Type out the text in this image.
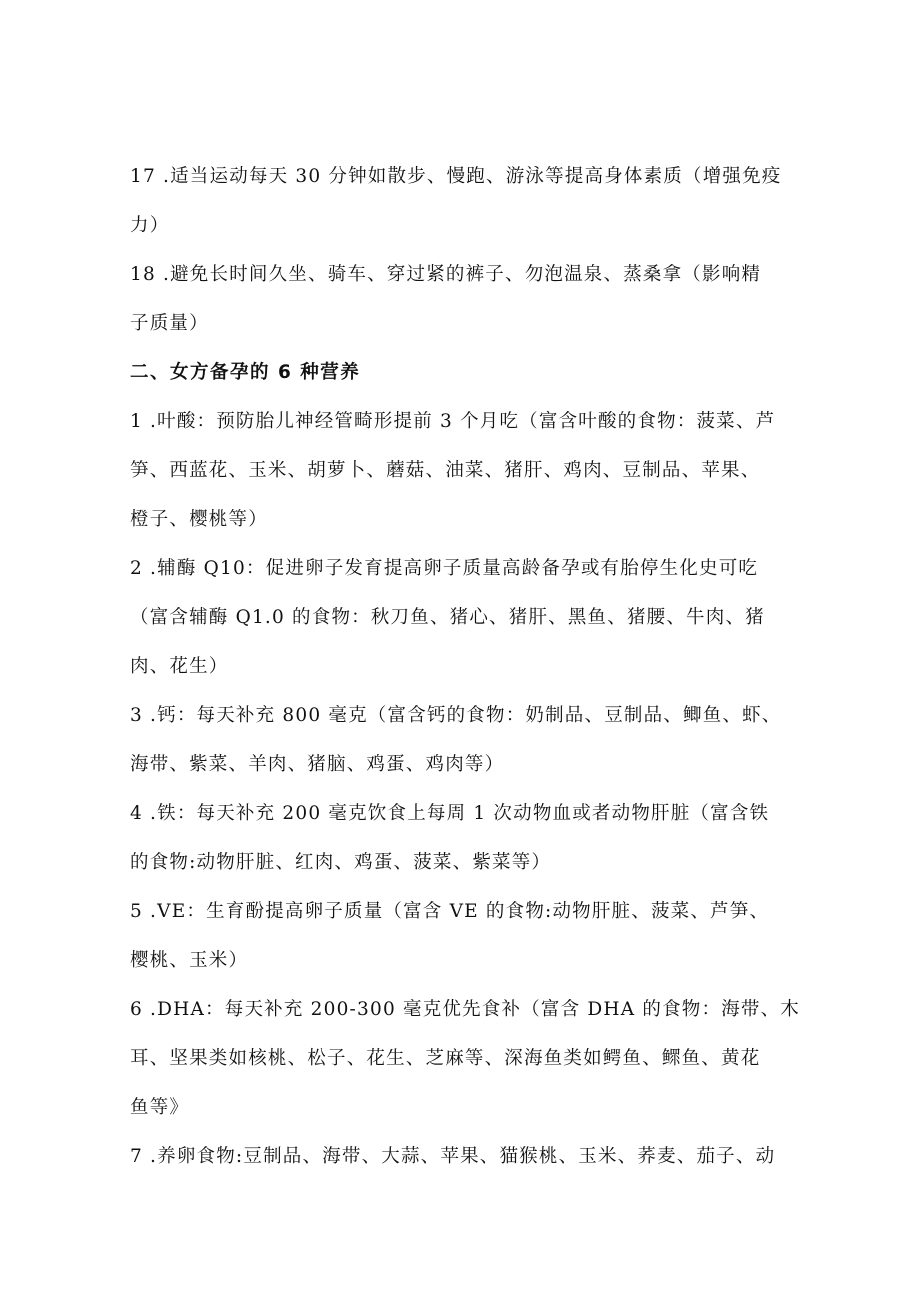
17 .适当运动每天 30 分钟如散步、慢跑、游泳等提高身体素质（增强免疫
力）
18 .避免长时间久坐、骑车、穿过紧的裤子、勿泡温泉、蒸桑拿（影响精
子质量）
二、女方备孕的 6 种营养
1 .叶酸：预防胎儿神经管畸形提前 3 个月吃（富含叶酸的食物：菠菜、芦
笋、西蓝花、玉米、胡萝卜、蘑菇、油菜、猪肝、鸡肉、豆制品、苹果、
橙子、樱桃等）
2 .辅酶 Q10：促进卵子发育提高卵子质量高龄备孕或有胎停生化史可吃
（富含辅酶 Q1.0 的食物：秋刀鱼、猪心、猪肝、黑鱼、猪腰、牛肉、猪
肉、花生）
3 .钙：每天补充 800 毫克（富含钙的食物：奶制品、豆制品、鲫鱼、虾、
海带、紫菜、羊肉、猪脑、鸡蛋、鸡肉等）
4 .铁：每天补充 200 毫克饮食上每周 1 次动物血或者动物肝脏（富含铁
的食物:动物肝脏、红肉、鸡蛋、菠菜、紫菜等）
5 .VE：生育酚提高卵子质量（富含 VE 的食物:动物肝脏、菠菜、芦笋、
樱桃、玉米）
6 .DHA：每天补充 200-300 毫克优先食补（富含 DHA 的食物：海带、木
耳、坚果类如核桃、松子、花生、芝麻等、深海鱼类如鳄鱼、鳏鱼、黄花
鱼等》
7 .养卵食物:豆制品、海带、大蒜、苹果、猫猴桃、玉米、荞麦、茄子、动
